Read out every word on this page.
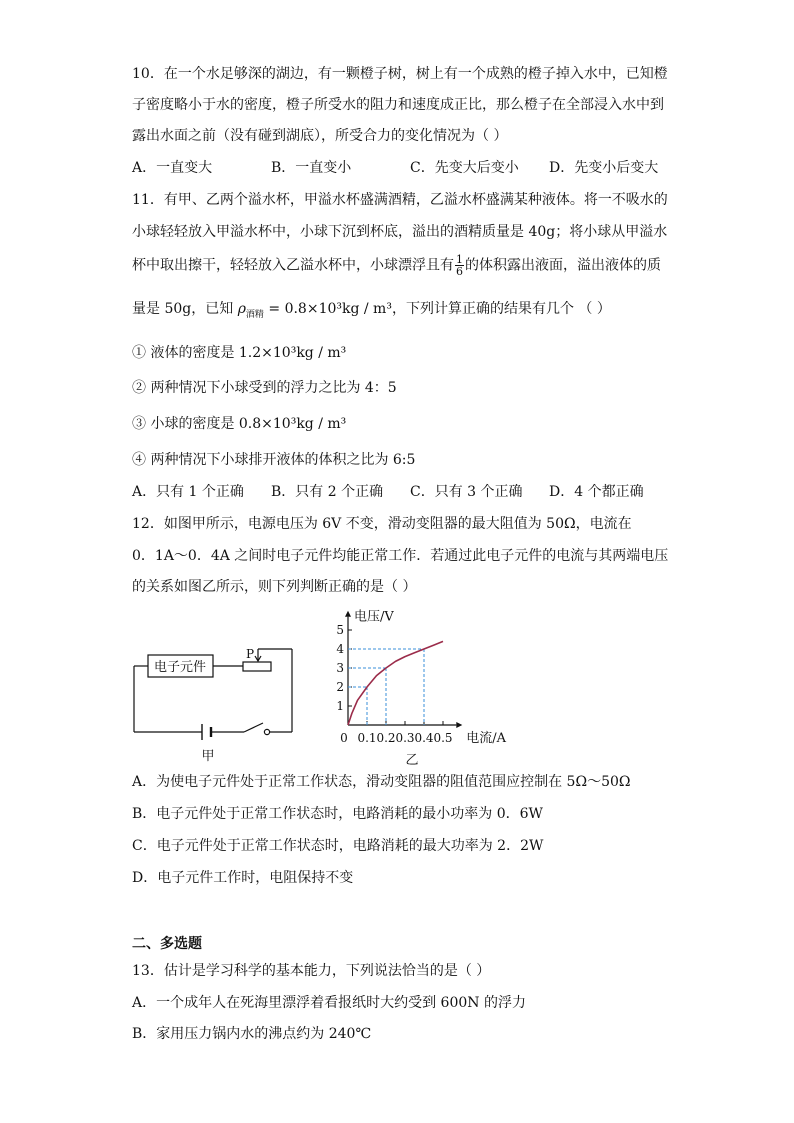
10．在一个水足够深的湖边，有一颗橙子树，树上有一个成熟的橙子掉入水中，已知橙
子密度略小于水的密度，橙子所受水的阻力和速度成正比，那么橙子在全部浸入水中到
露出水面之前（没有碰到湖底），所受合力的变化情况为（ ）
A．一直变大	B．一直变小	C．先变大后变小 D．先变小后变大
11．有甲、乙两个溢水杯，甲溢水杯盛满酒精，乙溢水杯盛满某种液体。将一不吸水的
小球轻轻放入甲溢水杯中，小球下沉到杯底，溢出的酒精质量是 40g；将小球从甲溢水
杯中取出擦干，轻轻放入乙溢水杯中，小球漂浮且有 $\frac{1}{6}$ 的体积露出液面，溢出液体的质
量是 50g，已知 $\rho_{酒精} = 0.8\times 10^3kg / m^3$，下列计算正确的结果有几个 （ ）
① 液体的密度是 1.2×10³kg / m³
② 两种情况下小球受到的浮力之比为 4：5
③ 小球的密度是 0.8×10³kg / m³
④ 两种情况下小球排开液体的体积之比为 6:5
A．只有 1 个正确 B．只有 2 个正确 C．只有 3 个正确 D．4 个都正确
12．如图甲所示，电源电压为 6V 不变，滑动变阻器的最大阻值为 50Ω，电流在
0．1A～0．4A 之间时电子元件均能正常工作．若通过此电子元件的电流与其两端电压
的关系如图乙所示，则下列判断正确的是（ ）
电子元件
P
甲
1
2
3
4
5
0 0.1 0.2 0.3 0.4 0.5
电压/V
电流/A
乙
A．为使电子元件处于正常工作状态，滑动变阻器的阻值范围应控制在 5Ω～50Ω
B．电子元件处于正常工作状态时，电路消耗的最小功率为 0．6W
C．电子元件处于正常工作状态时，电路消耗的最大功率为 2．2W
D．电子元件工作时，电阻保持不变
二、多选题
13．估计是学习科学的基本能力，下列说法恰当的是（ ）
A．一个成年人在死海里漂浮着看报纸时大约受到 600N 的浮力
B．家用压力锅内水的沸点约为 240℃
